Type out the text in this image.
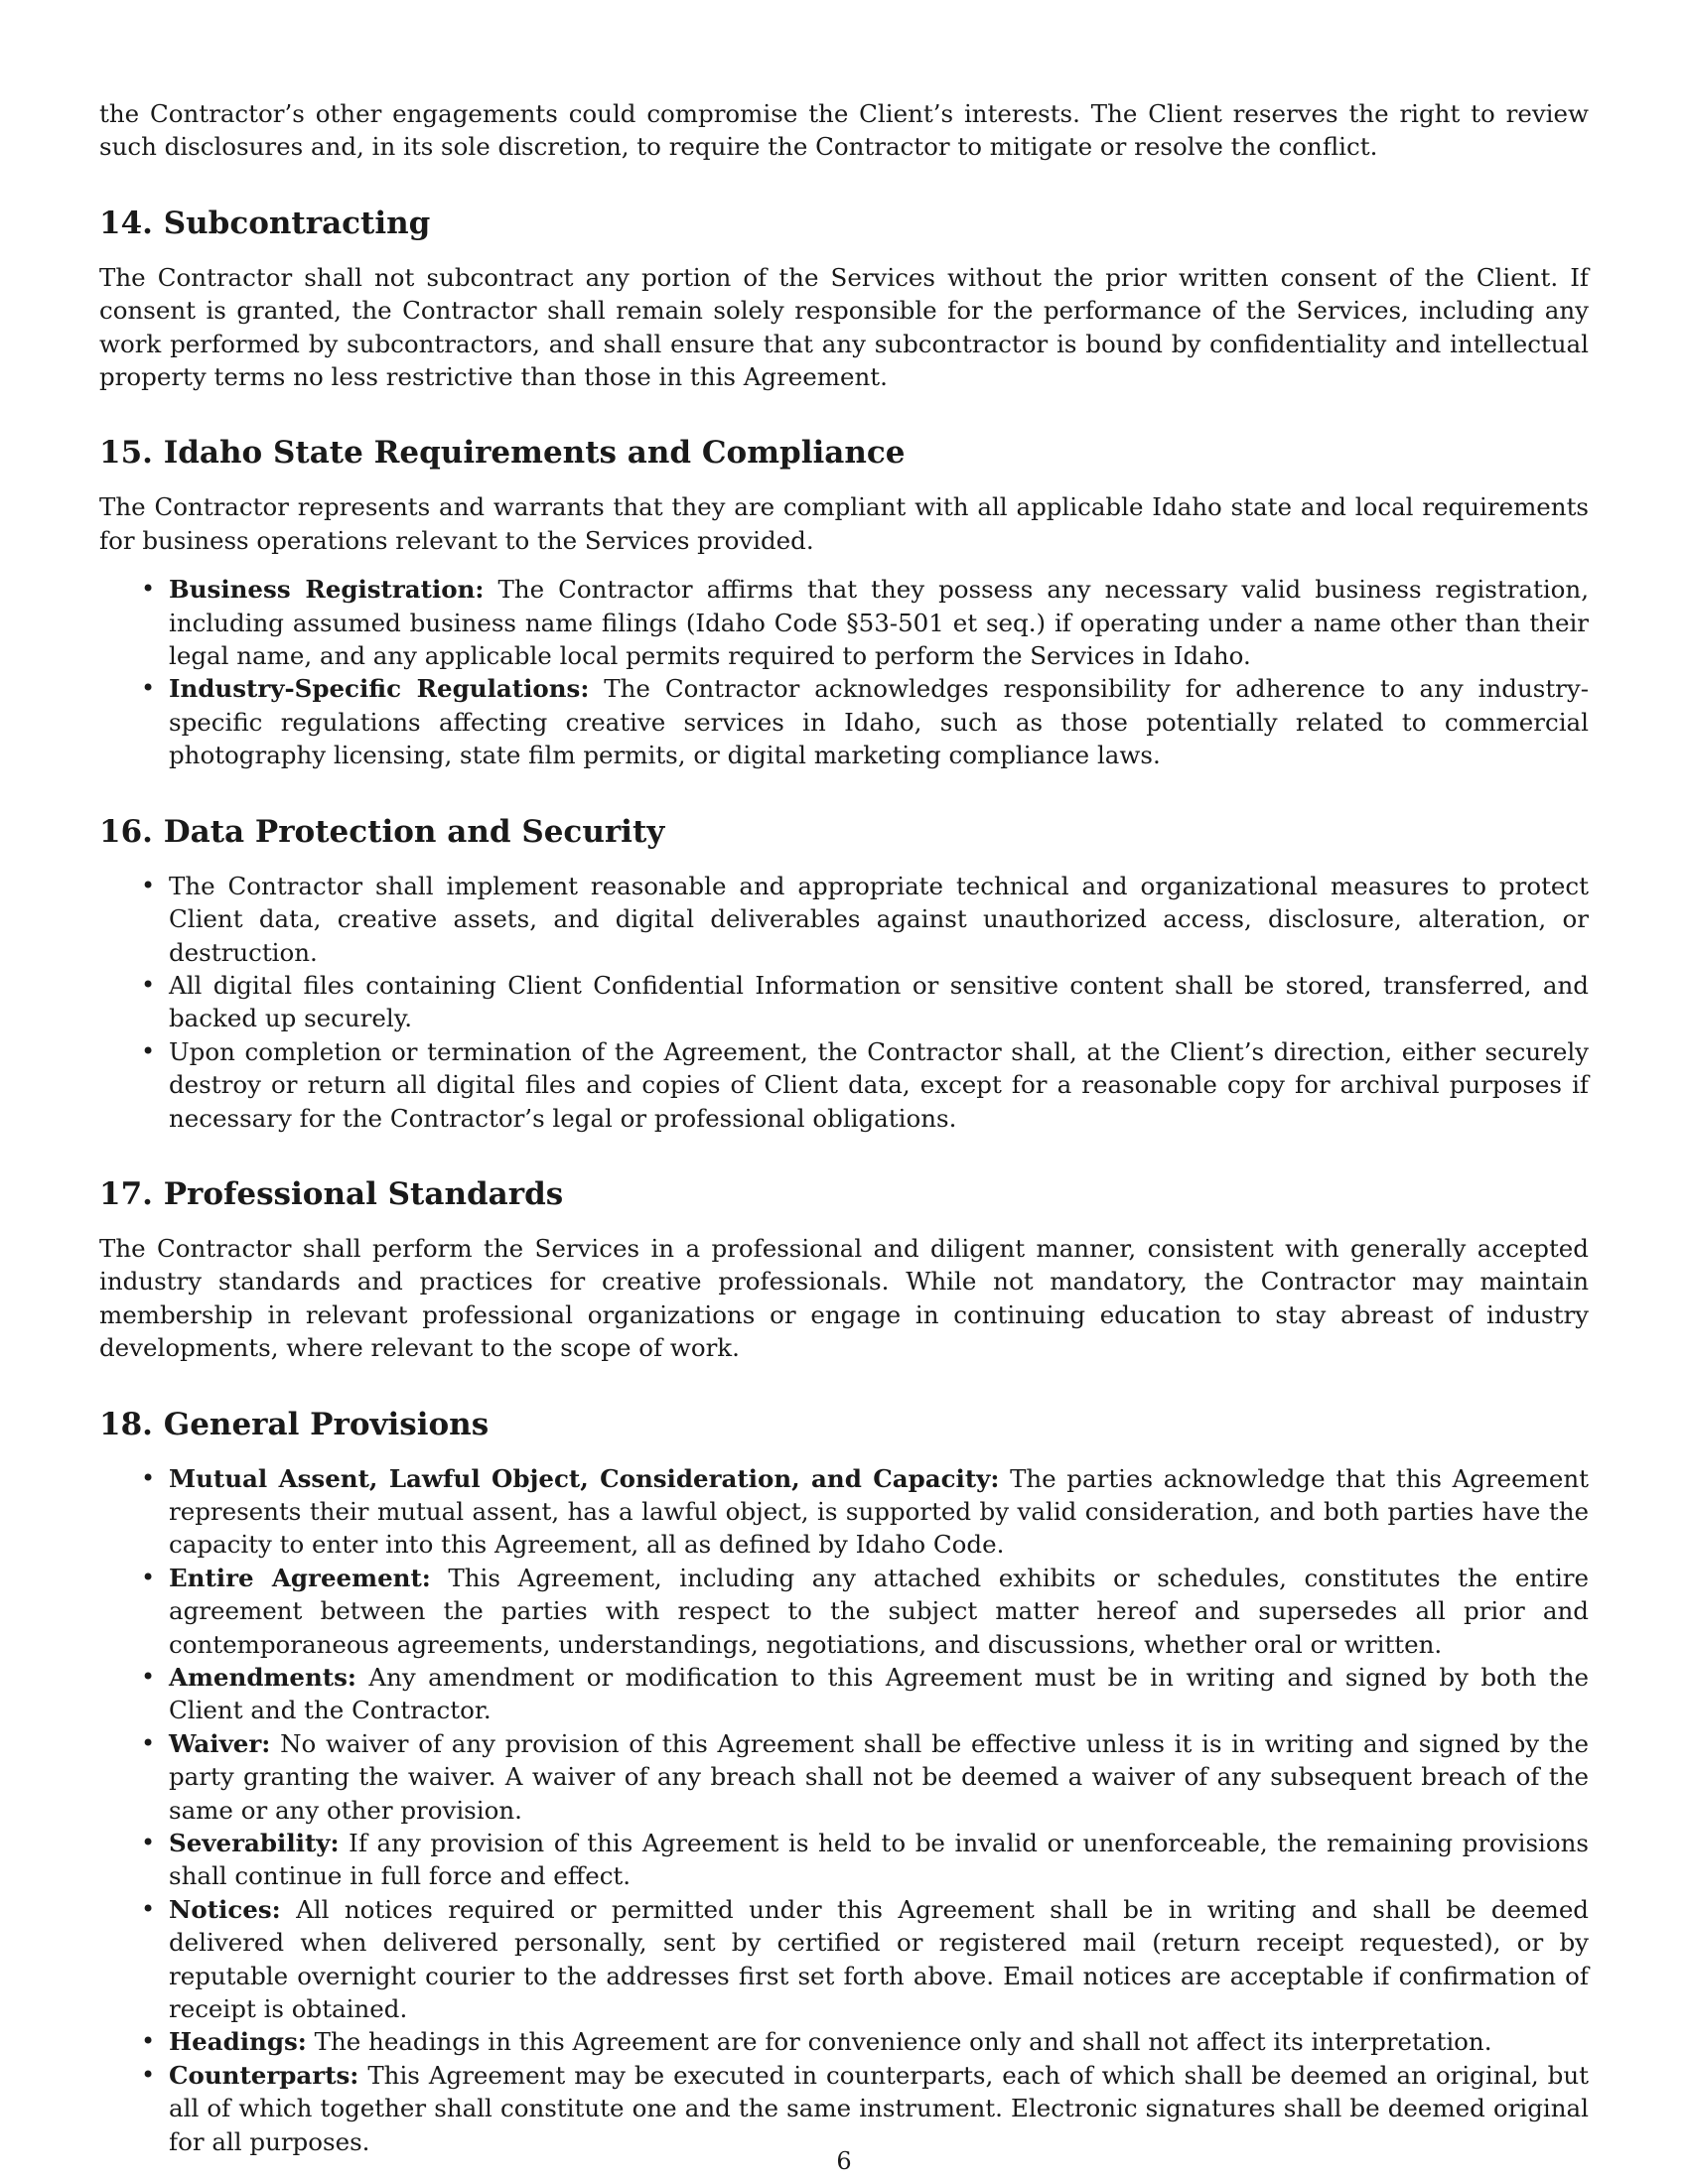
the Contractor’s other engagements could compromise the Client’s interests. The Client reserves the right to review such disclosures and, in its sole discretion, to require the Contractor to mitigate or resolve the conflict.

14. Subcontracting

The Contractor shall not subcontract any portion of the Services without the prior written consent of the Client. If consent is granted, the Contractor shall remain solely responsible for the performance of the Services, including any work performed by subcontractors, and shall ensure that any subcontractor is bound by confidentiality and intellectual property terms no less restrictive than those in this Agreement.

15. Idaho State Requirements and Compliance

The Contractor represents and warrants that they are compliant with all applicable Idaho state and local requirements for business operations relevant to the Services provided.

• Business Registration: The Contractor affirms that they possess any necessary valid business registration, including assumed business name filings (Idaho Code §53-501 et seq.) if operating under a name other than their legal name, and any applicable local permits required to perform the Services in Idaho.
• Industry-Specific Regulations: The Contractor acknowledges responsibility for adherence to any industry-specific regulations affecting creative services in Idaho, such as those potentially related to commercial photography licensing, state film permits, or digital marketing compliance laws.
16. Data Protection and Security
• The Contractor shall implement reasonable and appropriate technical and organizational measures to protect Client data, creative assets, and digital deliverables against unauthorized access, disclosure, alteration, or destruction.
• All digital files containing Client Confidential Information or sensitive content shall be stored, transferred, and backed up securely.
• Upon completion or termination of the Agreement, the Contractor shall, at the Client’s direction, either securely destroy or return all digital files and copies of Client data, except for a reasonable copy for archival purposes if necessary for the Contractor’s legal or professional obligations.
17. Professional Standards

The Contractor shall perform the Services in a professional and diligent manner, consistent with generally accepted industry standards and practices for creative professionals. While not mandatory, the Contractor may maintain membership in relevant professional organizations or engage in continuing education to stay abreast of industry developments, where relevant to the scope of work.

18. General Provisions
• Mutual Assent, Lawful Object, Consideration, and Capacity: The parties acknowledge that this Agreement represents their mutual assent, has a lawful object, is supported by valid consideration, and both parties have the capacity to enter into this Agreement, all as defined by Idaho Code.
• Entire Agreement: This Agreement, including any attached exhibits or schedules, constitutes the entire agreement between the parties with respect to the subject matter hereof and supersedes all prior and contemporaneous agreements, understandings, negotiations, and discussions, whether oral or written.
• Amendments: Any amendment or modification to this Agreement must be in writing and signed by both the Client and the Contractor.
• Waiver: No waiver of any provision of this Agreement shall be effective unless it is in writing and signed by the party granting the waiver. A waiver of any breach shall not be deemed a waiver of any subsequent breach of the same or any other provision.
• Severability: If any provision of this Agreement is held to be invalid or unenforceable, the remaining provisions shall continue in full force and effect.
• Notices: All notices required or permitted under this Agreement shall be in writing and shall be deemed delivered when delivered personally, sent by certified or registered mail (return receipt requested), or by reputable overnight courier to the addresses first set forth above. Email notices are acceptable if confirmation of receipt is obtained.
• Headings: The headings in this Agreement are for convenience only and shall not affect its interpretation.
• Counterparts: This Agreement may be executed in counterparts, each of which shall be deemed an original, but all of which together shall constitute one and the same instrument. Electronic signatures shall be deemed original for all purposes.
6
